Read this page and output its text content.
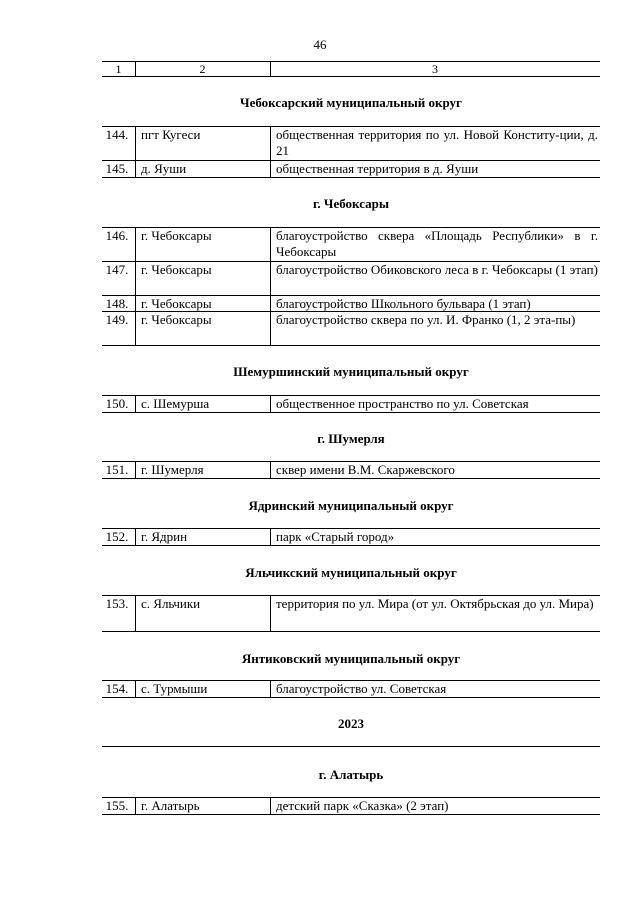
46
1	2	3
Чебоксарский муниципальный округ
144. пгт Кугеси	общественная территория по ул. Новой Конститу-ции, д. 21
145. д. Яуши	общественная территория в д. Яуши
г. Чебоксары
146. г. Чебоксары	благоустройство сквера «Площадь Республики» в г. Чебоксары
147. г. Чебоксары	благоустройство Обиковского леса в г. Чебоксары (1 этап)
148. г. Чебоксары	благоустройство Школьного бульвара (1 этап)
149. г. Чебоксары	благоустройство сквера по ул. И. Франко (1, 2 эта-пы)
Шемуршинский муниципальный округ
150. с. Шемурша	общественное пространство по ул. Советская
г. Шумерля
151. г. Шумерля	сквер имени В.М. Скаржевского
Ядринский муниципальный округ
152. г. Ядрин	парк «Старый город»
Яльчикский муниципальный округ
153. с. Яльчики	территория по ул. Мира (от ул. Октябрьская до ул. Мира)
Янтиковский муниципальный округ
154. с. Турмыши	благоустройство ул. Советская
2023
г. Алатырь
155. г. Алатырь	детский парк «Сказка» (2 этап)
